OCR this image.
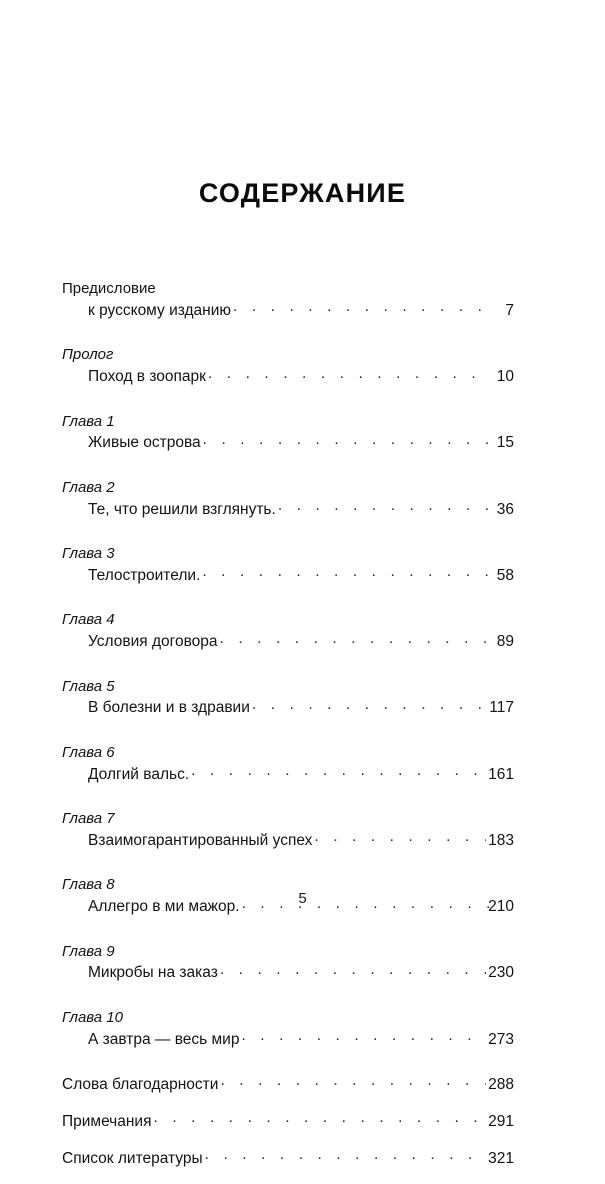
СОДЕРЖАНИЕ
Предисловие
к русскому изданию . . .	7
Пролог
Поход в зоопарк . . .	10
Глава 1
Живые острова . . .	15
Глава 2
Те, что решили взглянуть. . . .	36
Глава 3
Телостроители. . . .	58
Глава 4
Условия договора . . .	89
Глава 5
В болезни и в здравии . . .	117
Глава 6
Долгий вальс. . . .	161
Глава 7
Взаимогарантированный успех . . .	183
Глава 8
Аллегро в ми мажор. . . .	210
Глава 9
Микробы на заказ . . .	230
Глава 10
А завтра — весь мир . . .	273
Слова благодарности . . .	288
Примечания . . .	291
Список литературы . . .	321
5
